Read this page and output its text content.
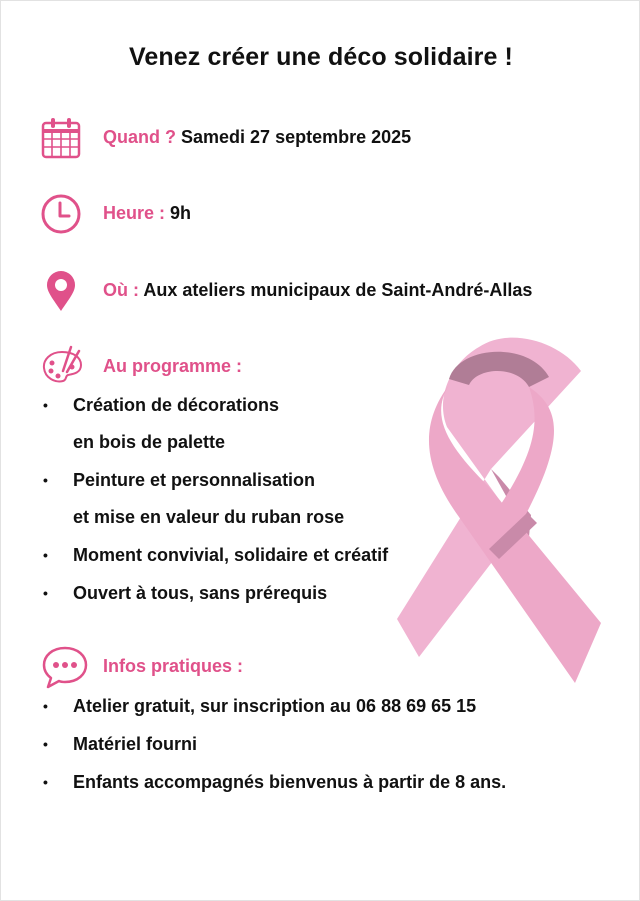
Venez créer une déco solidaire !
Quand ? Samedi 27 septembre 2025
Heure : 9h
Où : Aux ateliers municipaux de Saint-André-Allas
Au programme :
• Création de décorations
en bois de palette
• Peinture et personnalisation
et mise en valeur du ruban rose
• Moment convivial, solidaire et créatif
• Ouvert à tous, sans prérequis
Infos pratiques :
• Atelier gratuit, sur inscription au 06 88 69 65 15
• Matériel fourni
• Enfants accompagnés bienvenus à partir de 8 ans.
